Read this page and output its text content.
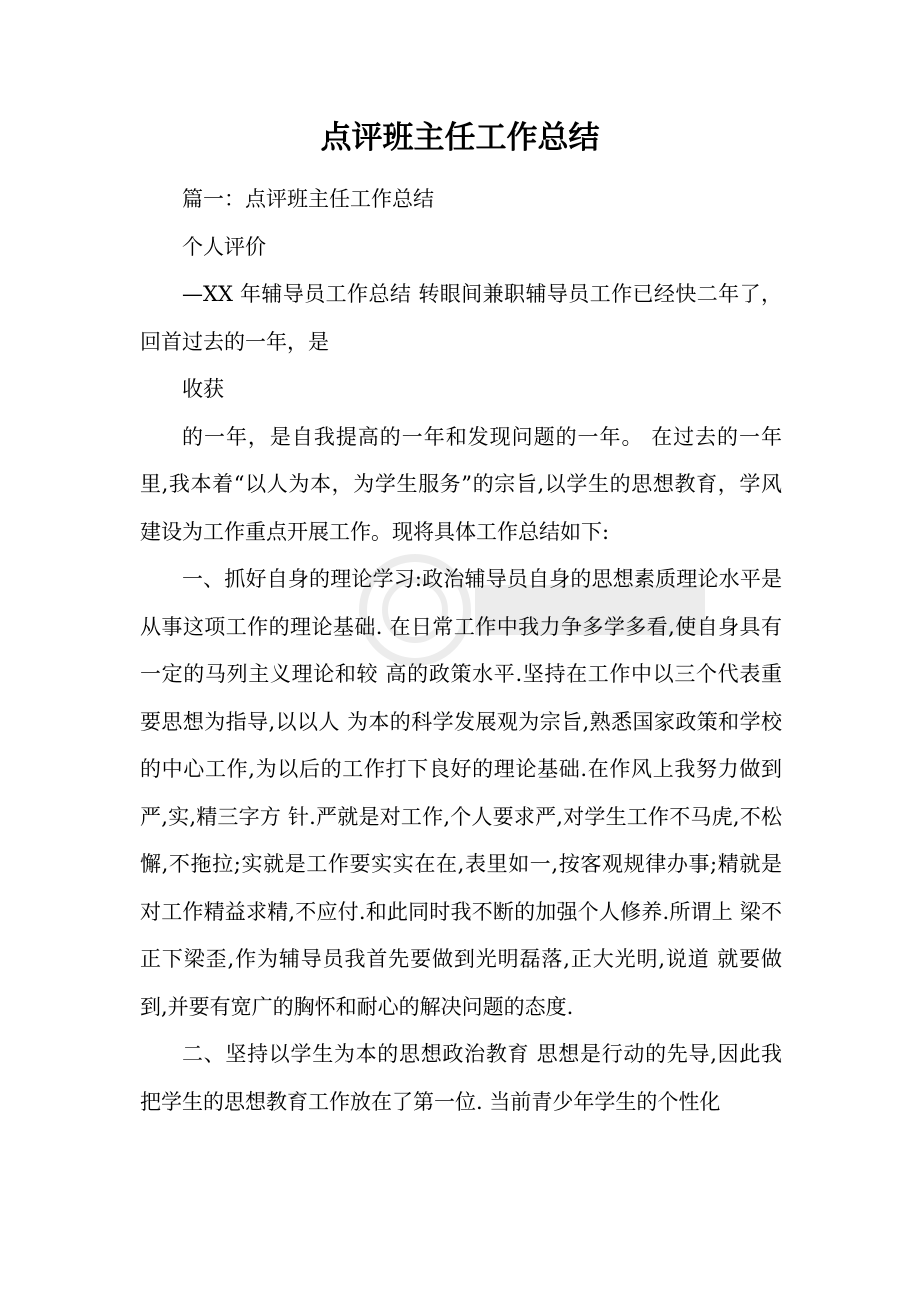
点评班主任工作总结

篇一：点评班主任工作总结

个人评价

—XX 年辅导员工作总结 转眼间兼职辅导员工作已经快二年了，回首过去的一年，是

收获

的一年，是自我提高的一年和发现问题的一年。 在过去的一年里,我本着“以人为本，为学生服务”的宗旨,以学生的思想教育，学风 建设为工作重点开展工作。现将具体工作总结如下:

一、抓好自身的理论学习:政治辅导员自身的思想素质理论水平是从事这项工作的理论基础. 在日常工作中我力争多学多看,使自身具有一定的马列主义理论和较 高的政策水平.坚持在工作中以三个代表重要思想为指导,以以人 为本的科学发展观为宗旨,熟悉国家政策和学校的中心工作,为以后的工作打下良好的理论基础.在作风上我努力做到严,实,精三字方 针.严就是对工作,个人要求严,对学生工作不马虎,不松懈,不拖拉;实就是工作要实实在在,表里如一,按客观规律办事;精就是 对工作精益求精,不应付.和此同时我不断的加强个人修养.所谓上 梁不正下梁歪,作为辅导员我首先要做到光明磊落,正大光明,说道 就要做到,并要有宽广的胸怀和耐心的解决问题的态度.

二、坚持以学生为本的思想政治教育 思想是行动的先导,因此我把学生的思想教育工作放在了第一位. 当前青少年学生的个性化
